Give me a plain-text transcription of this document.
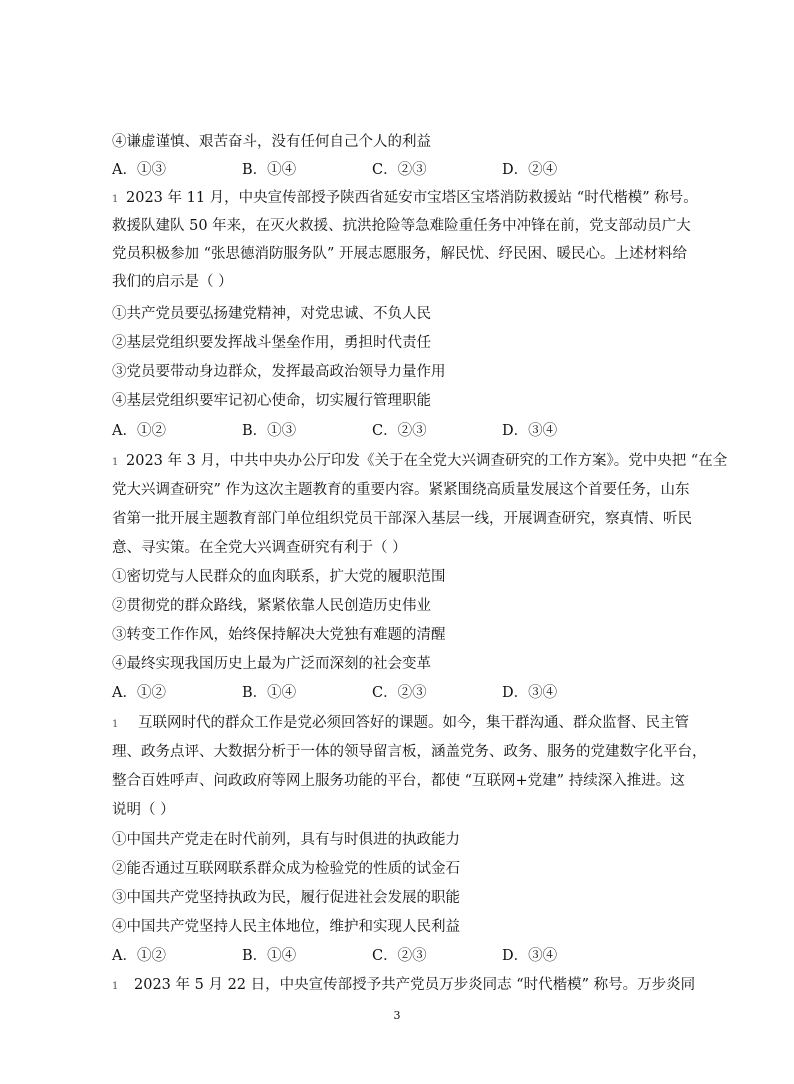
④谦虚谨慎、艰苦奋斗，没有任何自己个人的利益
A．①③	B．①④	C．②③	D．②④
1 2023 年 11 月，中央宣传部授予陕西省延安市宝塔区宝塔消防救援站 “时代楷模” 称号。
救援队建队 50 年来，在灭火救援、抗洪抢险等急难险重任务中冲锋在前，党支部动员广大
党员积极参加 “张思德消防服务队” 开展志愿服务，解民忧、纾民困、暖民心。上述材料给
我们的启示是（ ）
①共产党员要弘扬建党精神，对党忠诚、不负人民
②基层党组织要发挥战斗堡垒作用，勇担时代责任
③党员要带动身边群众，发挥最高政治领导力量作用
④基层党组织要牢记初心使命，切实履行管理职能
A．①②	B．①③	C．②③	D．③④
1 2023 年 3 月，中共中央办公厅印发《关于在全党大兴调查研究的工作方案》。党中央把 “在全
党大兴调查研究” 作为这次主题教育的重要内容。紧紧围绕高质量发展这个首要任务，山东
省第一批开展主题教育部门单位组织党员干部深入基层一线，开展调查研究，察真情、听民
意、寻实策。在全党大兴调查研究有利于（ ）
①密切党与人民群众的血肉联系，扩大党的履职范围
②贯彻党的群众路线，紧紧依靠人民创造历史伟业
③转变工作作风，始终保持解决大党独有难题的清醒
④最终实现我国历史上最为广泛而深刻的社会变革
A．①②	B．①④	C．②③	D．③④
1 互联网时代的群众工作是党必须回答好的课题。如今，集干群沟通、群众监督、民主管
理、政务点评、大数据分析于一体的领导留言板，涵盖党务、政务、服务的党建数字化平台，
整合百姓呼声、问政政府等网上服务功能的平台，都使 “互联网+党建” 持续深入推进。这
说明（ ）
①中国共产党走在时代前列，具有与时俱进的执政能力
②能否通过互联网联系群众成为检验党的性质的试金石
③中国共产党坚持执政为民，履行促进社会发展的职能
④中国共产党坚持人民主体地位，维护和实现人民利益
A．①②	B．①④	C．②③	D．③④
1 2023 年 5 月 22 日，中央宣传部授予共产党员万步炎同志 “时代楷模” 称号。万步炎同
3
